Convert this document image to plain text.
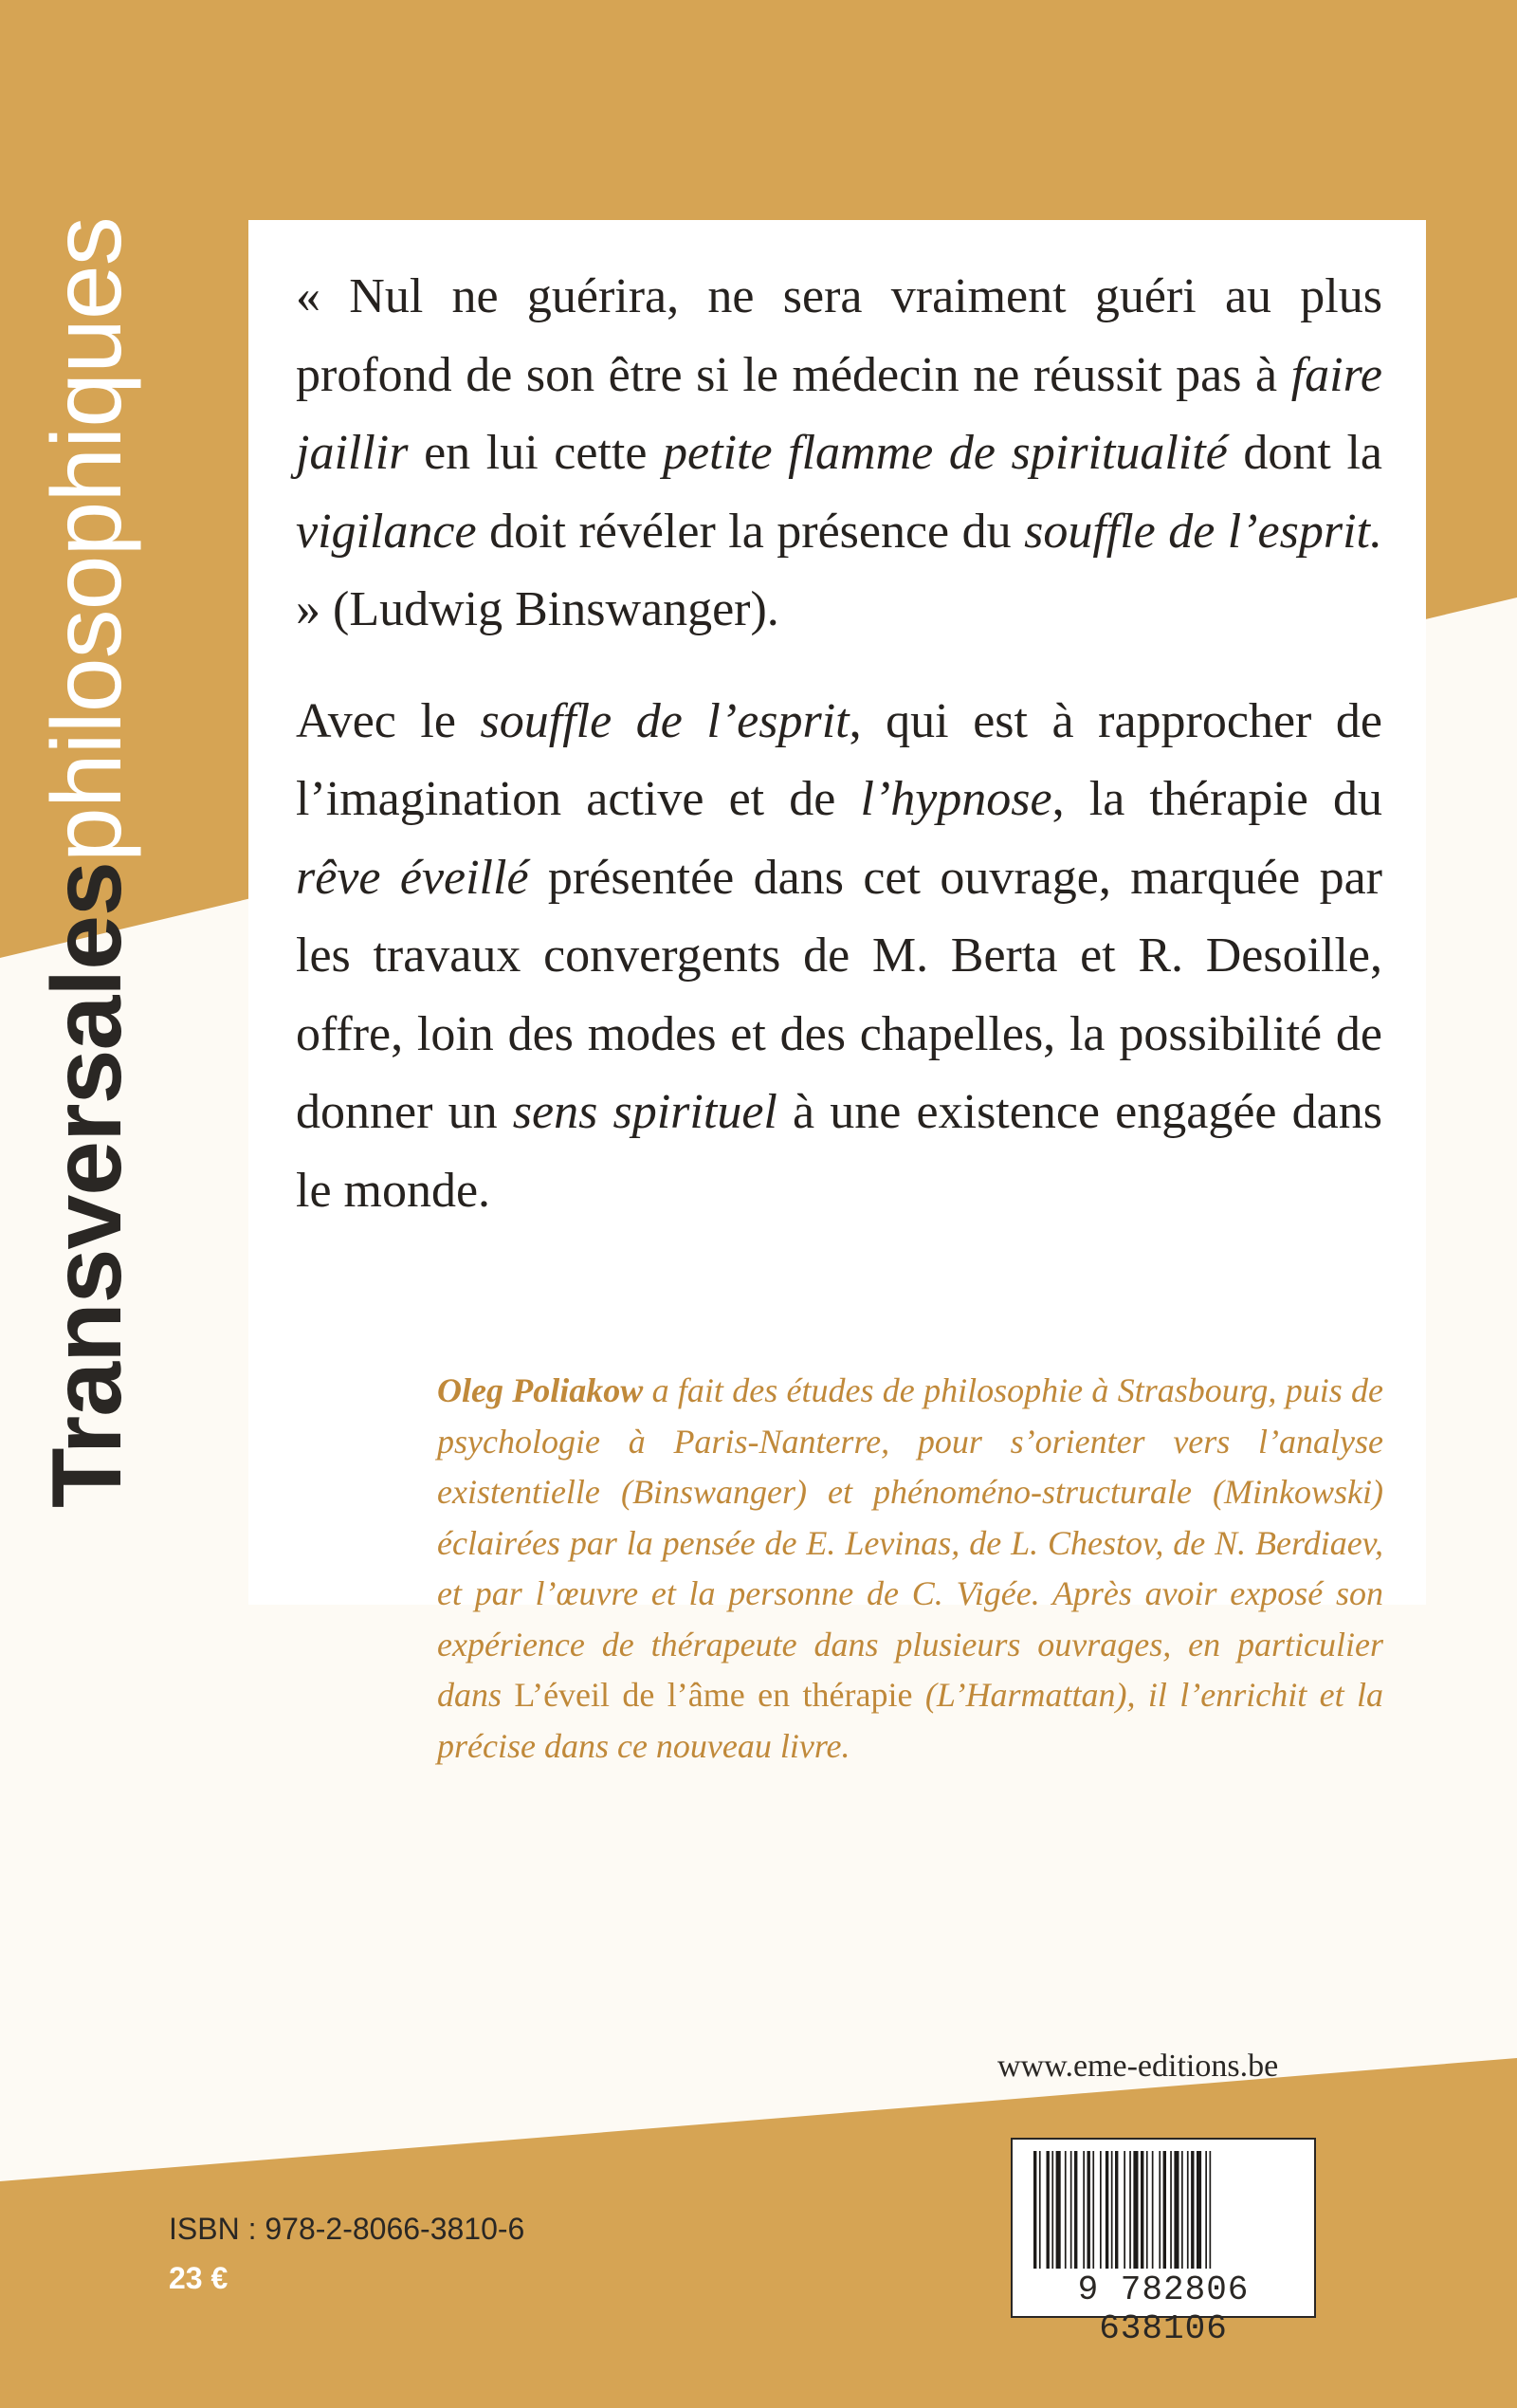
Transversalesphilosophiques	« Nul ne guérira, ne sera vraiment guéri au plus profond de son être si le médecin ne réussit pas à faire jaillir en lui cette petite flamme de spiritualité dont la vigilance doit révéler la présence du souffle de l’esprit. » (Ludwig Binswanger).

Avec le souffle de l’esprit, qui est à rapprocher de l’imagination active et de l’hypnose, la thérapie du rêve éveillé présentée dans cet ouvrage, marquée par les travaux convergents de M. Berta et R. Desoille, offre, loin des modes et des chapelles, la possibilité de donner un sens spirituel à une existence engagée dans le monde.

Oleg Poliakow a fait des études de philosophie à Strasbourg, puis de psychologie à Paris-Nanterre, pour s’orienter vers l’analyse existentielle (Binswanger) et phénoméno-structurale (Minkowski) éclairées par la pensée de E. Levinas, de L. Chestov, de N. Berdiaev, et par l’œuvre et la personne de C. Vigée. Après avoir exposé son expérience de thérapeute dans plusieurs ouvrages, en particulier dans L’éveil de l’âme en thérapie (L’Harmattan), il l’enrichit et la précise dans ce nouveau livre.
www.eme-editions.be
ISBN : 978-2-8066-3810-6
23 €	9 782806 638106
